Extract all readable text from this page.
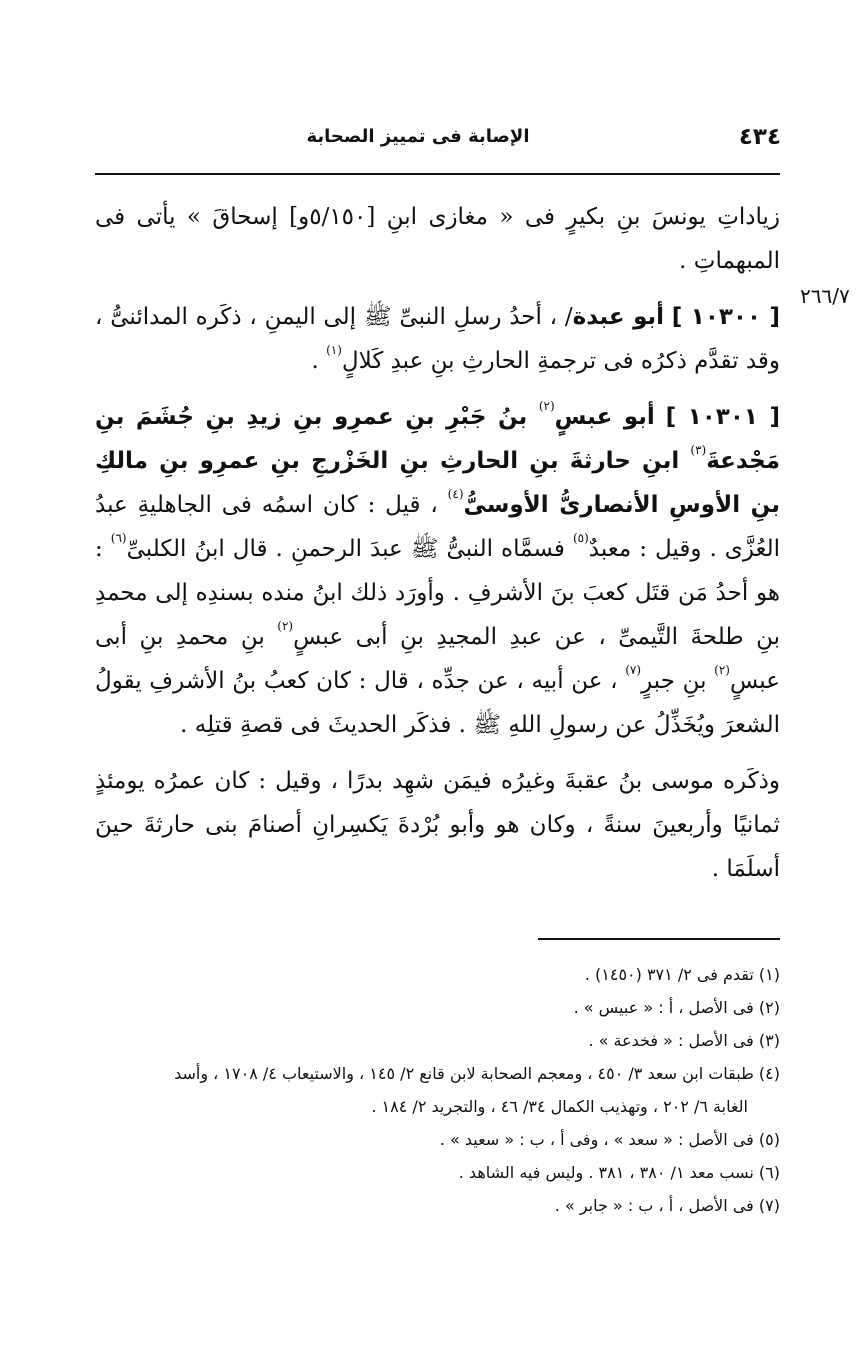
٤٣٤
الإصابة فى تمييز الصحابة
٢٦٦/٧

زياداتِ يونسَ بنِ بكيرٍ فى « مغازى ابنِ [٥/١٥٠و] إسحاقَ » يأتى فى المبهماتِ .

[ ١٠٣٠٠ ] أبو عبدة/ ، أحدُ رسلِ النبىِّ ﷺ إلى اليمنِ ، ذكَره المدائنىُّ ، وقد تقدَّم ذكرُه فى ترجمةِ الحارثِ بنِ عبدِ كَلالٍ$^{(١)}$ .

[ ١٠٣٠١ ] أبو عبسٍ$^{(٢)}$ بنُ جَبْرِ بنِ عمرِو بنِ زيدِ بنِ جُشَمَ بنِ مَجْدعةَ$^{(٣)}$ ابنِ حارثةَ بنِ الحارثِ بنِ الخَزْرجِ بنِ عمرِو بنِ مالكِ بنِ الأوسِ الأنصارىُّ الأوسىُّ$^{(٤)}$ ، قيل : كان اسمُه فى الجاهليةِ عبدُ العُزَّى . وقيل : معبدٌ$^{(٥)}$ فسمَّاه النبىُّ ﷺ عبدَ الرحمنِ . قال ابنُ الكلبىِّ$^{(٦)}$ : هو أحدُ مَن قتَل كعبَ بنَ الأشرفِ . وأورَد ذلك ابنُ منده بسندِه إلى محمدِ بنِ طلحةَ التَّيمىِّ ، عن عبدِ المجيدِ بنِ أبى عبسٍ$^{(٢)}$ بنِ محمدِ بنِ أبى عبسٍ$^{(٢)}$ بنِ جبرٍ$^{(٧)}$ ، عن أبيه ، عن جدِّه ، قال : كان كعبُ بنُ الأشرفِ يقولُ الشعرَ ويُخَذِّلُ عن رسولِ اللهِ ﷺ . فذكَر الحديثَ فى قصةِ قتلِه .

وذكَره موسى بنُ عقبةَ وغيرُه فيمَن شهِد بدرًا ، وقيل : كان عمرُه يومئذٍ ثمانيًا وأربعينَ سنةً ، وكان هو وأبو بُرْدةَ يَكسِرانِ أصنامَ بنى حارثةَ حينَ أسلَمَا .

(١) تقدم فى ٢/ ٣٧١ (١٤٥٠) .

(٢) فى الأصل ، أ : « عبيس » .

(٣) فى الأصل : « فخدعة » .

(٤) طبقات ابن سعد ٣/ ٤٥٠ ، ومعجم الصحابة لابن قانع ٢/ ١٤٥ ، والاستيعاب ٤/ ١٧٠٨ ، وأسد

الغابة ٦/ ٢٠٢ ، وتهذيب الكمال ٣٤/ ٤٦ ، والتجريد ٢/ ١٨٤ .

(٥) فى الأصل : « سعد » ، وفى أ ، ب : « سعيد » .

(٦) نسب معد ١/ ٣٨٠ ، ٣٨١ . وليس فيه الشاهد .

(٧) فى الأصل ، أ ، ب : « جابر » .
